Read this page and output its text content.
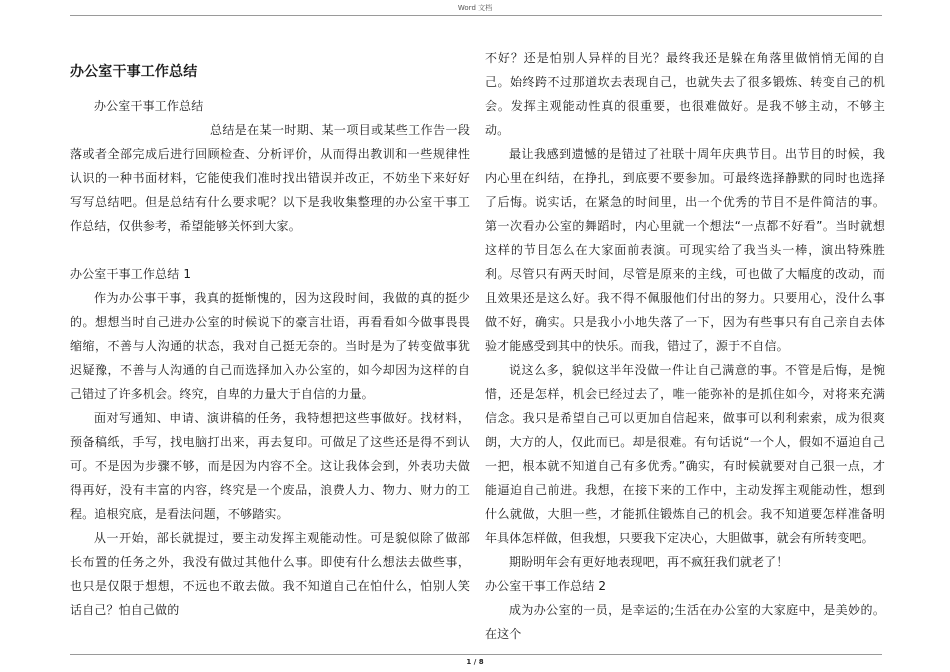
Word 文档
办公室干事工作总结

办公室干事工作总结

总结是在某一时期、某一项目或某些工作告一段落或者全部完成后进行回顾检查、分析评价，从而得出教训和一些规律性认识的一种书面材料，它能使我们准时找出错误并改正，不妨坐下来好好写写总结吧。但是总结有什么要求呢？以下是我收集整理的办公室干事工作总结，仅供参考，希望能够关怀到大家。

办公室干事工作总结 1

作为办公事干事，我真的挺惭愧的，因为这段时间，我做的真的挺少的。想想当时自己进办公室的时候说下的豪言壮语，再看看如今做事畏畏缩缩，不善与人沟通的状态，我对自己挺无奈的。当时是为了转变做事犹迟疑豫，不善与人沟通的自己而选择加入办公室的，如今却因为这样的自己错过了许多机会。终究，自卑的力量大于自信的力量。

面对写通知、申请、演讲稿的任务，我特想把这些事做好。找材料，预备稿纸，手写，找电脑打出来，再去复印。可做足了这些还是得不到认可。不是因为步骤不够，而是因为内容不全。这让我体会到，外表功夫做得再好，没有丰富的内容，终究是一个废品，浪费人力、物力、财力的工程。追根究底，是看法问题，不够踏实。

从一开始，部长就提过，要主动发挥主观能动性。可是貌似除了做部长布置的任务之外，我没有做过其他什么事。即使有什么想法去做些事，也只是仅限于想想，不远也不敢去做。我不知道自己在怕什么，怕别人笑话自己？怕自己做的

不好？还是怕别人异样的目光？最终我还是躲在角落里做悄悄无闻的自己。始终跨不过那道坎去表现自己，也就失去了很多锻炼、转变自己的机会。发挥主观能动性真的很重要，也很难做好。是我不够主动，不够主动。

最让我感到遗憾的是错过了社联十周年庆典节目。出节目的时候，我内心里在纠结，在挣扎，到底要不要参加。可最终选择静默的同时也选择了后悔。说实话，在紧急的时间里，出一个优秀的节目不是件简洁的事。第一次看办公室的舞蹈时，内心里就一个想法“一点都不好看”。当时就想这样的节目怎么在大家面前表演。可现实给了我当头一棒，演出特殊胜利。尽管只有两天时间，尽管是原来的主线，可也做了大幅度的改动，而且效果还是这么好。我不得不佩服他们付出的努力。只要用心，没什么事做不好，确实。只是我小小地失落了一下，因为有些事只有自己亲自去体验才能感受到其中的快乐。而我，错过了，源于不自信。

说这么多，貌似这半年没做一件让自己满意的事。不管是后悔，是惋惜，还是怎样，机会已经过去了，唯一能弥补的是抓住如今，对将来充满信念。我只是希望自己可以更加自信起来，做事可以利利索索，成为很爽朗，大方的人，仅此而已。却是很难。有句话说“一个人，假如不逼迫自己一把，根本就不知道自己有多优秀。”确实，有时候就要对自己狠一点，才能逼迫自己前进。我想，在接下来的工作中，主动发挥主观能动性，想到什么就做，大胆一些，才能抓住锻炼自己的机会。我不知道要怎样准备明年具体怎样做，但我想，只要我下定决心，大胆做事，就会有所转变吧。

期盼明年会有更好地表现吧，再不疯狂我们就老了！

办公室干事工作总结 2

成为办公室的一员，是幸运的;生活在办公室的大家庭中，是美妙的。在这个

1 / 8
